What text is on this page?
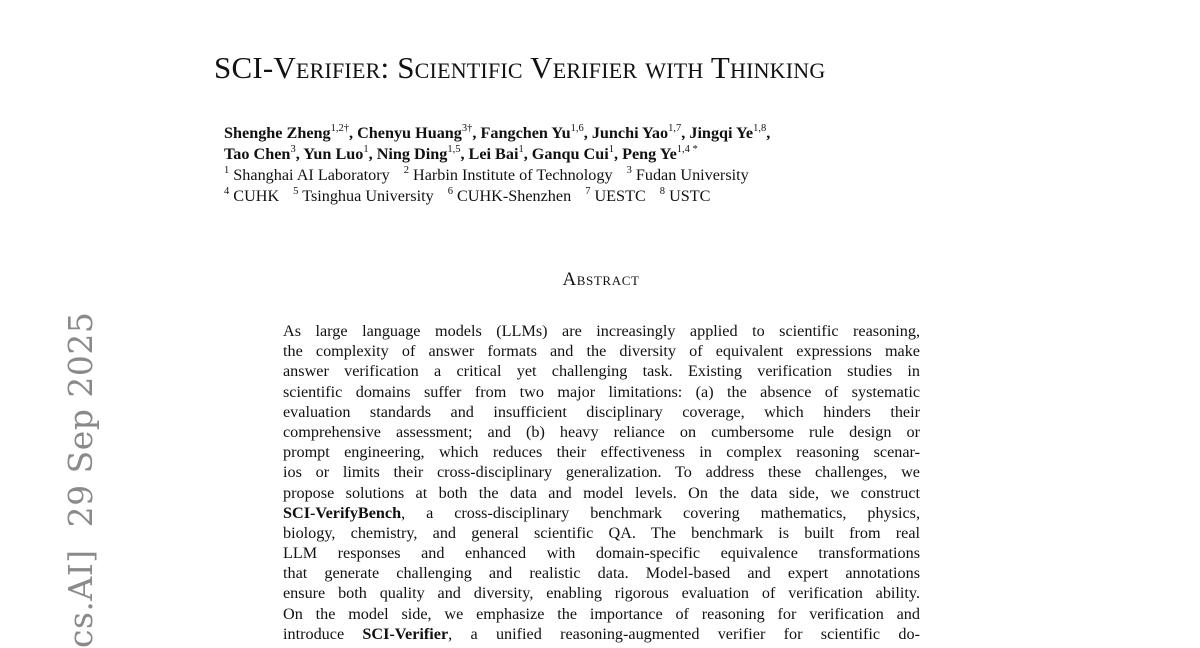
cs.AI]29 Sep 2025
SCI-Verifier: Scientific Verifier with Thinking
Shenghe Zheng$^{1,2\dagger}$, Chenyu Huang$^{3\dagger}$, Fangchen Yu$^{1,6}$, Junchi Yao$^{1,7}$, Jingqi Ye$^{1,8}$,
Tao Chen$^3$, Yun Luo$^1$, Ning Ding$^{1,5}$, Lei Bai$^1$, Ganqu Cui$^1$, Peng $Ye^{1,4 *}$
$^1$ Shanghai AI Laboratory $^2$ Harbin Institute of Technology $^3$ Fudan University
$^4$ CUHK $^5$ Tsinghua University $^6$ CUHK-Shenzhen $^7$ UESTC $^8$ USTC
Abstract
As large language models (LLMs) are increasingly applied to scientific reasoning,
the complexity of answer formats and the diversity of equivalent expressions make
answer verification a critical yet challenging task. Existing verification studies in
scientific domains suffer from two major limitations: (a) the absence of systematic
evaluation standards and insufficient disciplinary coverage, which hinders their
comprehensive assessment; and (b) heavy reliance on cumbersome rule design or
prompt engineering, which reduces their effectiveness in complex reasoning scenar-
ios or limits their cross-disciplinary generalization. To address these challenges, we
propose solutions at both the data and model levels. On the data side, we construct
SCI-VerifyBench, a cross-disciplinary benchmark covering mathematics, physics,
biology, chemistry, and general scientific QA. The benchmark is built from real
LLM responses and enhanced with domain-specific equivalence transformations
that generate challenging and realistic data. Model-based and expert annotations
ensure both quality and diversity, enabling rigorous evaluation of verification ability.
On the model side, we emphasize the importance of reasoning for verification and
introduce SCI-Verifier, a unified reasoning-augmented verifier for scientific do-
